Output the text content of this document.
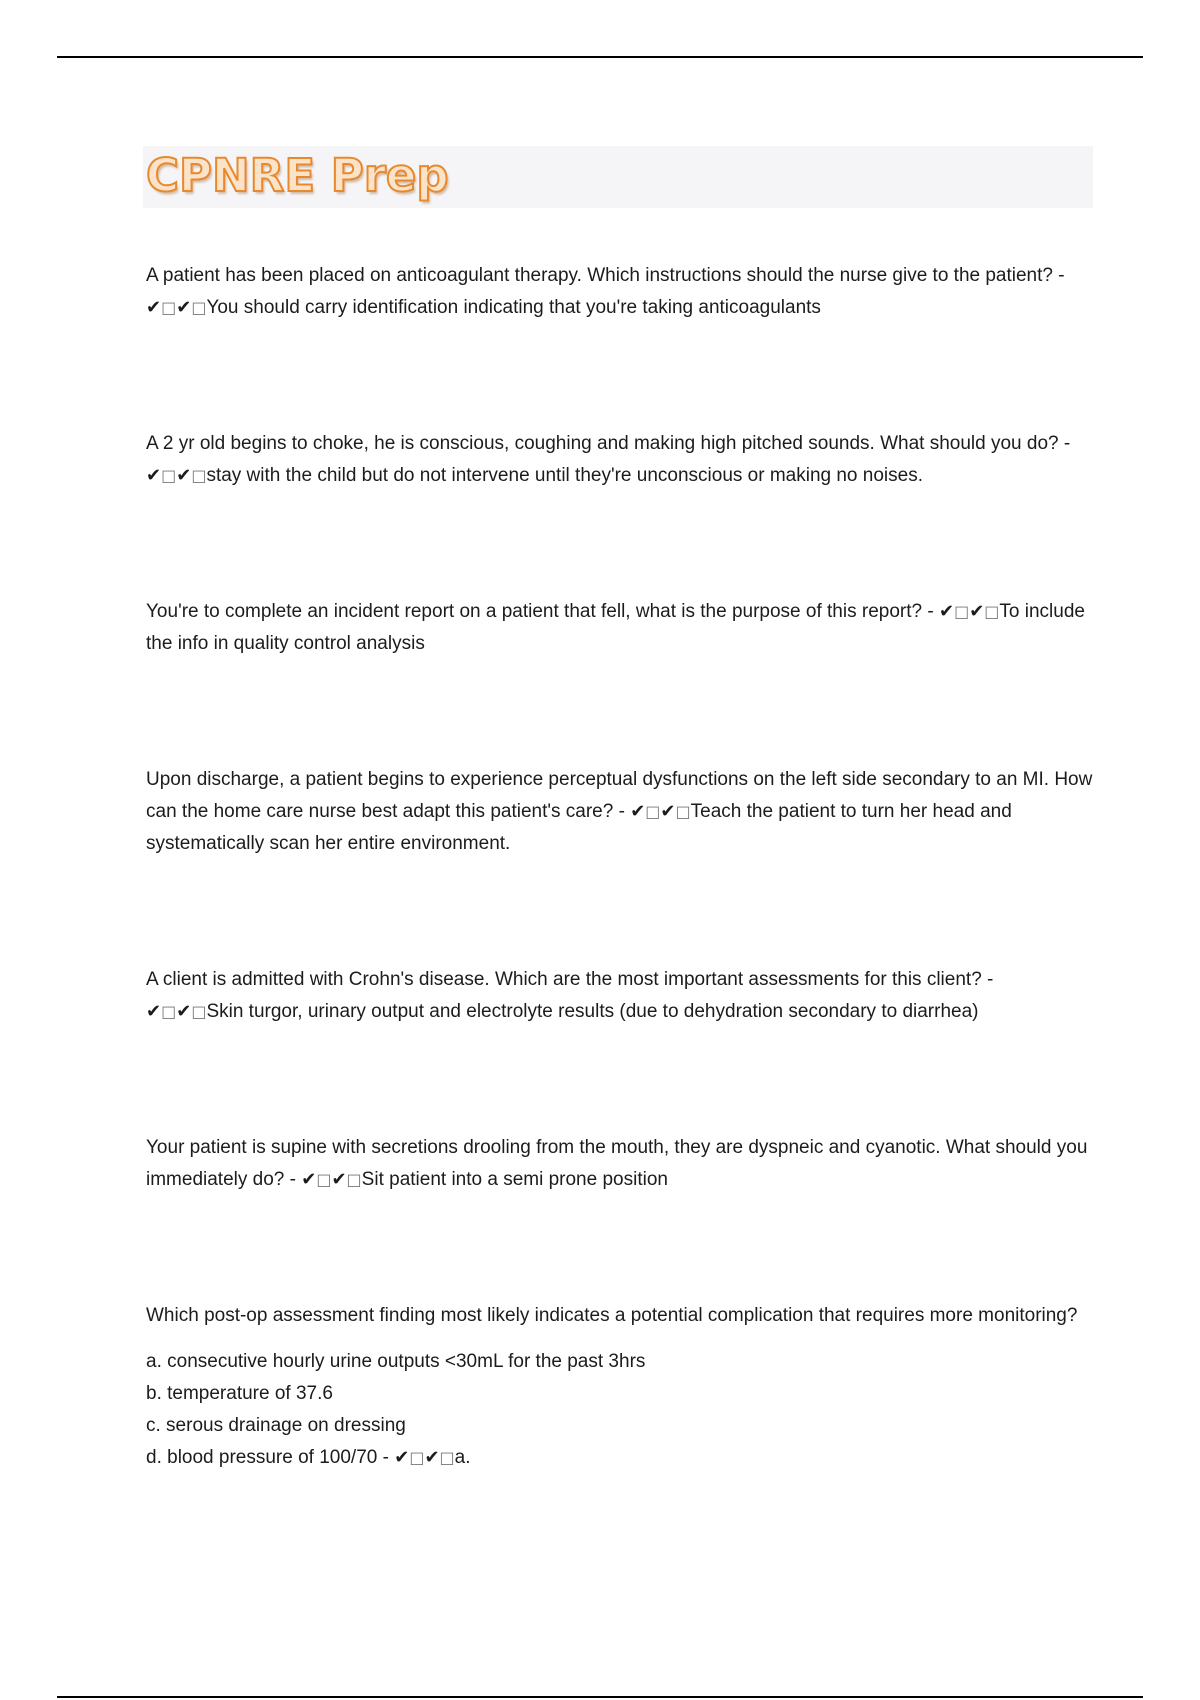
CPNRE Prep

A patient has been placed on anticoagulant therapy. Which instructions should the nurse give to the patient? - ✔□✔□You should carry identification indicating that you're taking anticoagulants

A 2 yr old begins to choke, he is conscious, coughing and making high pitched sounds. What should you do? - ✔□✔□stay with the child but do not intervene until they're unconscious or making no noises.

You're to complete an incident report on a patient that fell, what is the purpose of this report? - ✔□✔□To include the info in quality control analysis

Upon discharge, a patient begins to experience perceptual dysfunctions on the left side secondary to an MI. How can the home care nurse best adapt this patient's care? - ✔□✔□Teach the patient to turn her head and systematically scan her entire environment.

A client is admitted with Crohn's disease. Which are the most important assessments for this client? - ✔□✔□Skin turgor, urinary output and electrolyte results (due to dehydration secondary to diarrhea)

Your patient is supine with secretions drooling from the mouth, they are dyspneic and cyanotic. What should you immediately do? - ✔□✔□Sit patient into a semi prone position

Which post-op assessment finding most likely indicates a potential complication that requires more monitoring?

a. consecutive hourly urine outputs <30mL for the past 3hrs

b. temperature of 37.6

c. serous drainage on dressing

d. blood pressure of 100/70 - ✔□✔□a.
